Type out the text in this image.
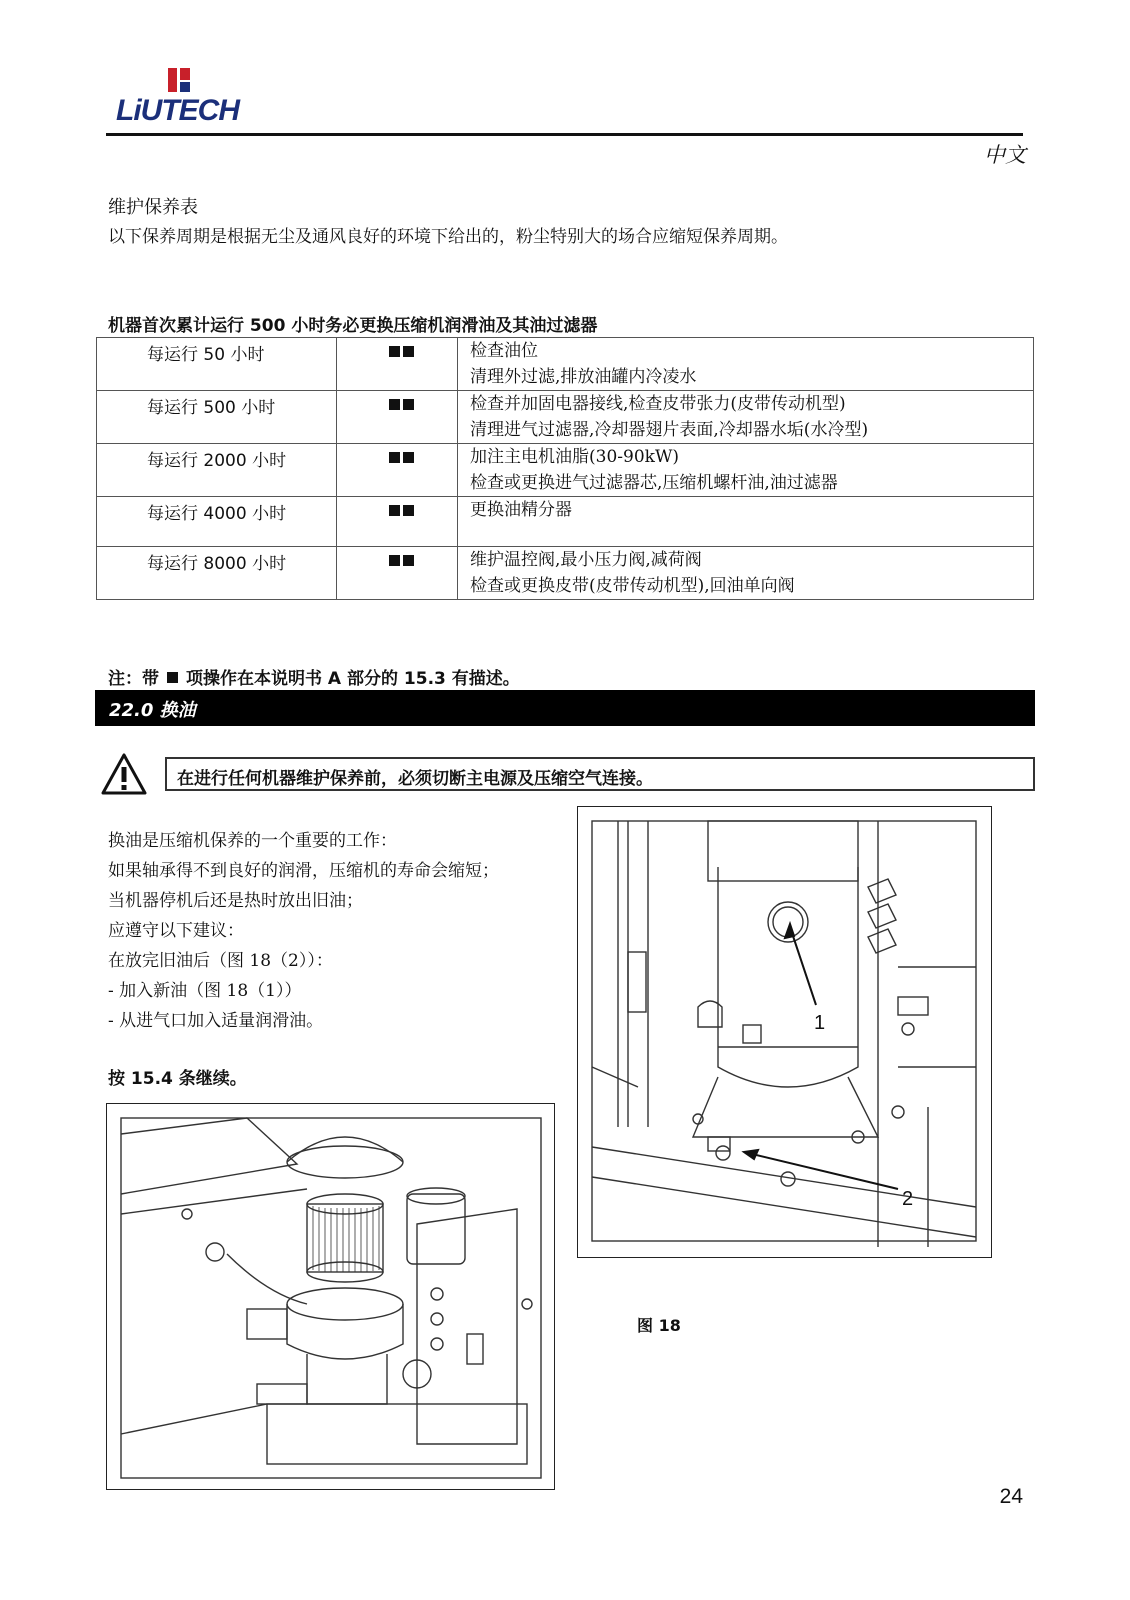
LiUTECH
中文
维护保养表
以下保养周期是根据无尘及通风良好的环境下给出的，粉尘特别大的场合应缩短保养周期。
机器首次累计运行 500 小时务必更换压缩机润滑油及其油过滤器
每运行 50 小时		检查油位
清理外过滤,排放油罐内冷凌水

每运行 500 小时		检查并加固电器接线,检查皮带张力(皮带传动机型)
清理进气过滤器,冷却器翅片表面,冷却器水垢(水冷型)

每运行 2000 小时		加注主电机油脂(30-90kW)
检查或更换进气过滤器芯,压缩机螺杆油,油过滤器

每运行 4000 小时		更换油精分器

每运行 8000 小时		维护温控阀,最小压力阀,减荷阀
检查或更换皮带(皮带传动机型),回油单向阀
注：带 项操作在本说明书 A 部分的 15.3 有描述。
22.0 换油
在进行任何机器维护保养前，必须切断主电源及压缩空气连接。
换油是压缩机保养的一个重要的工作：
如果轴承得不到良好的润滑，压缩机的寿命会缩短；
当机器停机后还是热时放出旧油；
应遵守以下建议：
在放完旧油后（图 18（2））：
- 加入新油（图 18（1））
- 从进气口加入适量润滑油。
按 15.4 条继续。
1
2
图 18
24
